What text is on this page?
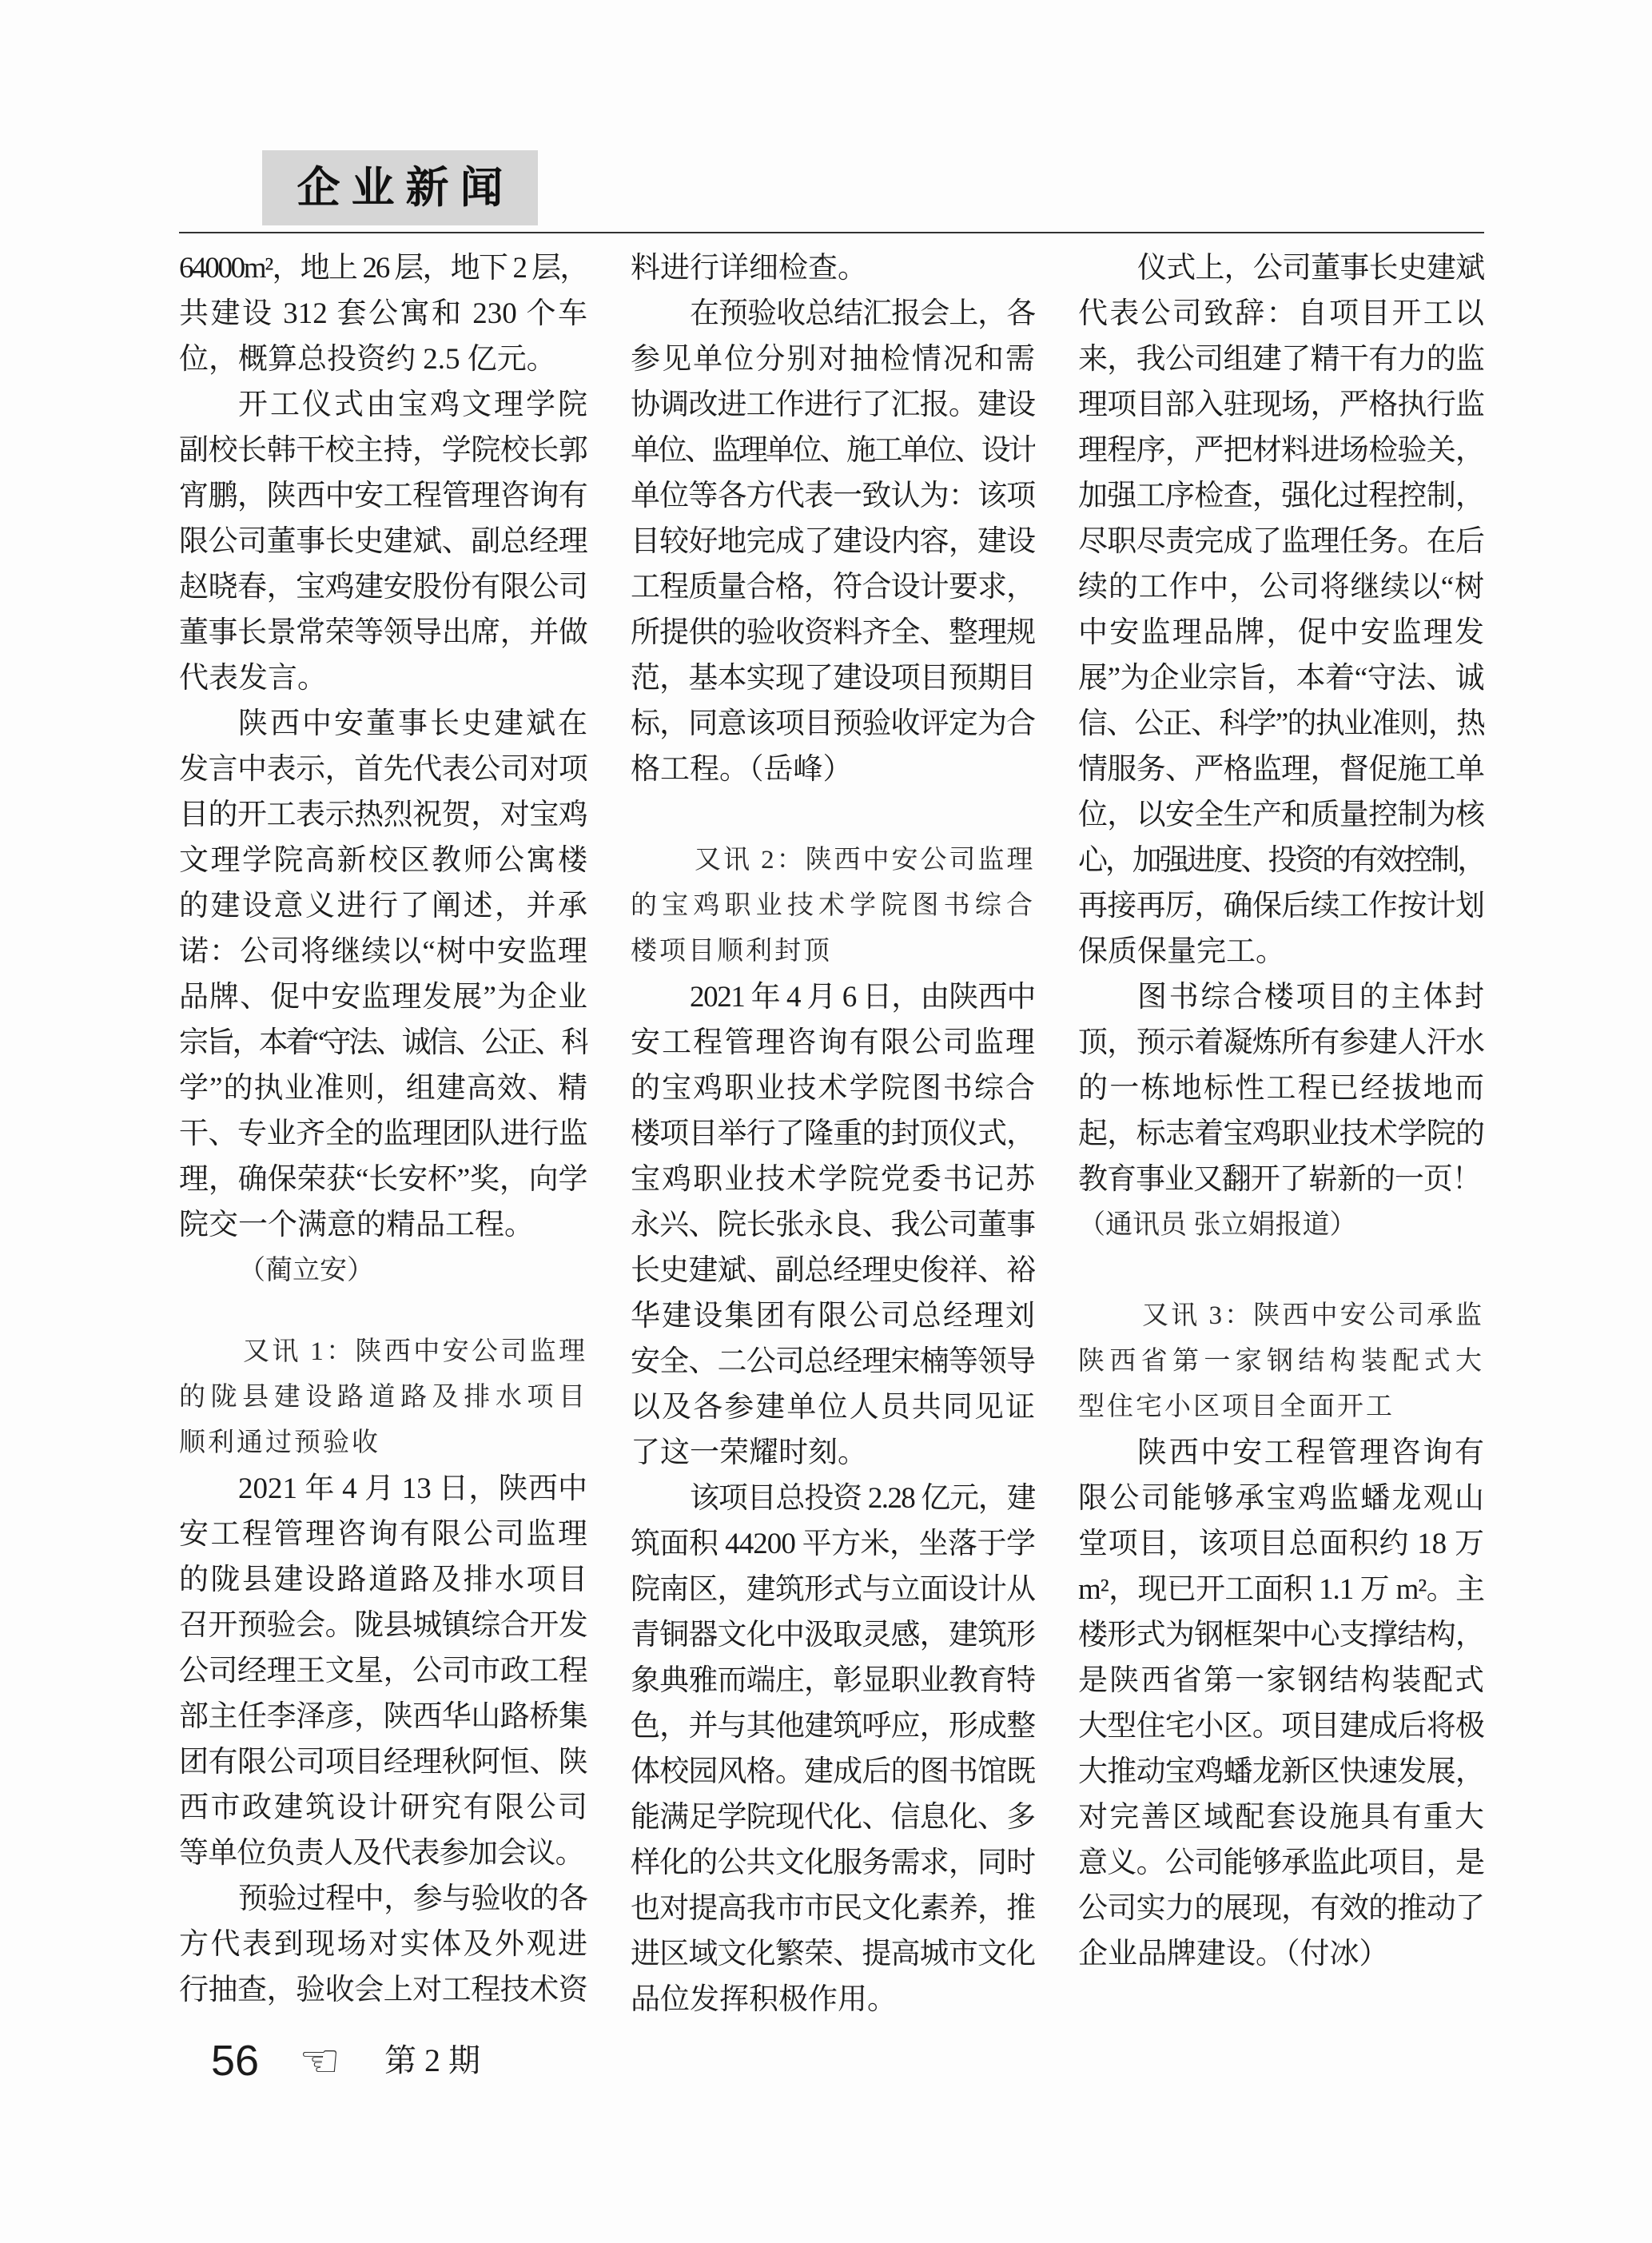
企业新闻
64000m²，地上 26 层，地下 2 层，
共建设 312 套公寓和 230 个车
位，概算总投资约 2.5 亿元。
开工仪式由宝鸡文理学院
副校长韩干校主持，学院校长郭
宵鹏，陕西中安工程管理咨询有
限公司董事长史建斌、副总经理
赵晓春，宝鸡建安股份有限公司
董事长景常荣等领导出席，并做
代表发言。
陕西中安董事长史建斌在
发言中表示，首先代表公司对项
目的开工表示热烈祝贺，对宝鸡
文理学院高新校区教师公寓楼
的建设意义进行了阐述，并承
诺：公司将继续以“树中安监理
品牌、促中安监理发展”为企业
宗旨，本着“守法、诚信、公正、科
学”的执业准则，组建高效、精
干、专业齐全的监理团队进行监
理，确保荣获“长安杯”奖，向学
院交一个满意的精品工程。
（蔺立安）
又讯 1：陕西中安公司监理
的陇县建设路道路及排水项目
顺利通过预验收
2021 年 4 月 13 日，陕西中
安工程管理咨询有限公司监理
的陇县建设路道路及排水项目
召开预验会。陇县城镇综合开发
公司经理王文星，公司市政工程
部主任李泽彦，陕西华山路桥集
团有限公司项目经理秋阿恒、陕
西市政建筑设计研究有限公司
等单位负责人及代表参加会议。
预验过程中，参与验收的各
方代表到现场对实体及外观进
行抽查，验收会上对工程技术资
料进行详细检查。
在预验收总结汇报会上，各
参见单位分别对抽检情况和需
协调改进工作进行了汇报。建设
单位、监理单位、施工单位、设计
单位等各方代表一致认为：该项
目较好地完成了建设内容，建设
工程质量合格，符合设计要求，
所提供的验收资料齐全、整理规
范，基本实现了建设项目预期目
标，同意该项目预验收评定为合
格工程。（岳峰）
又讯 2：陕西中安公司监理
的宝鸡职业技术学院图书综合
楼项目顺利封顶
2021 年 4 月 6 日，由陕西中
安工程管理咨询有限公司监理
的宝鸡职业技术学院图书综合
楼项目举行了隆重的封顶仪式，
宝鸡职业技术学院党委书记苏
永兴、院长张永良、我公司董事
长史建斌、副总经理史俊祥、裕
华建设集团有限公司总经理刘
安全、二公司总经理宋楠等领导
以及各参建单位人员共同见证
了这一荣耀时刻。
该项目总投资 2.28 亿元，建
筑面积 44200 平方米，坐落于学
院南区，建筑形式与立面设计从
青铜器文化中汲取灵感，建筑形
象典雅而端庄，彰显职业教育特
色，并与其他建筑呼应，形成整
体校园风格。建成后的图书馆既
能满足学院现代化、信息化、多
样化的公共文化服务需求，同时
也对提高我市市民文化素养，推
进区域文化繁荣、提高城市文化
品位发挥积极作用。
仪式上，公司董事长史建斌
代表公司致辞：自项目开工以
来，我公司组建了精干有力的监
理项目部入驻现场，严格执行监
理程序，严把材料进场检验关，
加强工序检查，强化过程控制，
尽职尽责完成了监理任务。在后
续的工作中，公司将继续以“树
中安监理品牌，促中安监理发
展”为企业宗旨，本着“守法、诚
信、公正、科学”的执业准则，热
情服务、严格监理，督促施工单
位，以安全生产和质量控制为核
心，加强进度、投资的有效控制，
再接再厉，确保后续工作按计划
保质保量完工。
图书综合楼项目的主体封
顶，预示着凝炼所有参建人汗水
的一栋地标性工程已经拔地而
起，标志着宝鸡职业技术学院的
教育事业又翻开了崭新的一页！
（通讯员 张立娟报道）
又讯 3：陕西中安公司承监
陕西省第一家钢结构装配式大
型住宅小区项目全面开工
陕西中安工程管理咨询有
限公司能够承宝鸡监蟠龙观山
堂项目，该项目总面积约 18 万
m²，现已开工面积 1.1 万 m²。主
楼形式为钢框架中心支撑结构，
是陕西省第一家钢结构装配式
大型住宅小区。项目建成后将极
大推动宝鸡蟠龙新区快速发展，
对完善区域配套设施具有重大
意义。公司能够承监此项目，是
公司实力的展现，有效的推动了
企业品牌建设。（付冰）
56 ☜ 第 2 期
